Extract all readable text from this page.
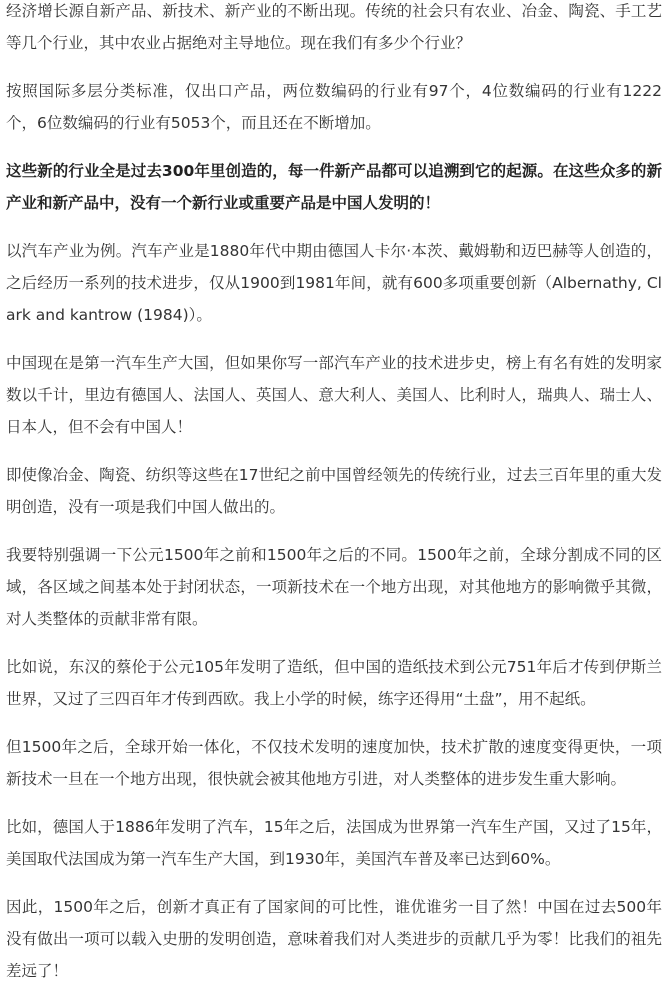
经济增长源自新产品、新技术、新产业的不断出现。传统的社会只有农业、冶金、陶瓷、手工艺等几个行业，其中农业占据绝对主导地位。现在我们有多少个行业？

按照国际多层分类标准，仅出口产品，两位数编码的行业有97个，4位数编码的行业有1222个，6位数编码的行业有5053个，而且还在不断增加。

这些新的行业全是过去300年里创造的，每一件新产品都可以追溯到它的起源。在这些众多的新产业和新产品中，没有一个新行业或重要产品是中国人发明的！

以汽车产业为例。汽车产业是1880年代中期由德国人卡尔·本茨、戴姆勒和迈巴赫等人创造的，之后经历一系列的技术进步，仅从1900到1981年间，就有600多项重要创新（Albernathy, Clark and kantrow (1984)）。

中国现在是第一汽车生产大国，但如果你写一部汽车产业的技术进步史，榜上有名有姓的发明家数以千计，里边有德国人、法国人、英国人、意大利人、美国人、比利时人，瑞典人、瑞士人、日本人，但不会有中国人！

即使像冶金、陶瓷、纺织等这些在17世纪之前中国曾经领先的传统行业，过去三百年里的重大发明创造，没有一项是我们中国人做出的。

我要特别强调一下公元1500年之前和1500年之后的不同。1500年之前，全球分割成不同的区域，各区域之间基本处于封闭状态，一项新技术在一个地方出现，对其他地方的影响微乎其微，对人类整体的贡献非常有限。

比如说，东汉的蔡伦于公元105年发明了造纸，但中国的造纸技术到公元751年后才传到伊斯兰世界，又过了三四百年才传到西欧。我上小学的时候，练字还得用“土盘”，用不起纸。

但1500年之后，全球开始一体化，不仅技术发明的速度加快，技术扩散的速度变得更快，一项新技术一旦在一个地方出现，很快就会被其他地方引进，对人类整体的进步发生重大影响。

比如，德国人于1886年发明了汽车，15年之后，法国成为世界第一汽车生产国，又过了15年，美国取代法国成为第一汽车生产大国，到1930年，美国汽车普及率已达到60%。

因此，1500年之后，创新才真正有了国家间的可比性，谁优谁劣一目了然！中国在过去500年没有做出一项可以载入史册的发明创造，意味着我们对人类进步的贡献几乎为零！比我们的祖先差远了！
